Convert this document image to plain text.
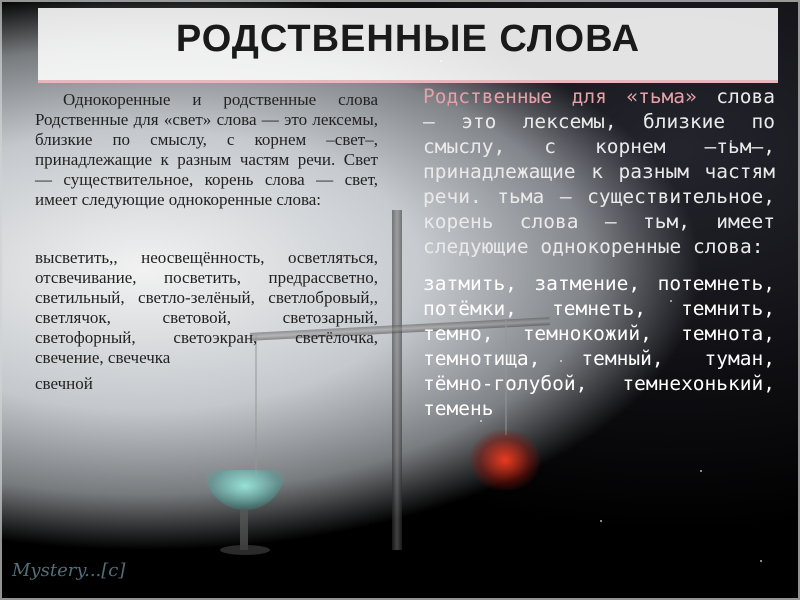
РОДСТВЕННЫЕ СЛОВА

Однокоренные и родственные слова Родственные для «свет» слова — это лексемы, близкие по смыслу, с корнем –свет–, принадлежащие к разным частям речи. Свет — существительное, корень слова — свет, имеет следующие однокоренные слова:

высветить,, неосвещённость, осветляться, отсвечивание, посветить, предрассветно, светильный, светло-зелёный, светлобровый,, светлячок, световой, светозарный, светофорный, светоэкран, светёлочка, свечение, свечечка

свечной

Родственные для «тьма» слова — это лексемы, близкие по смыслу, с корнем –тьм–, принадлежащие к разным частям речи. тьма — существительное, корень слова — тьм, имеет следующие однокоренные слова:

затмить, затмение, потемнеть, потёмки, темнеть, темнить, темно, темнокожий, темнота, темнотища, темный, туман, тёмно-голубой, темнехонький, темень

Mystery...[c]
